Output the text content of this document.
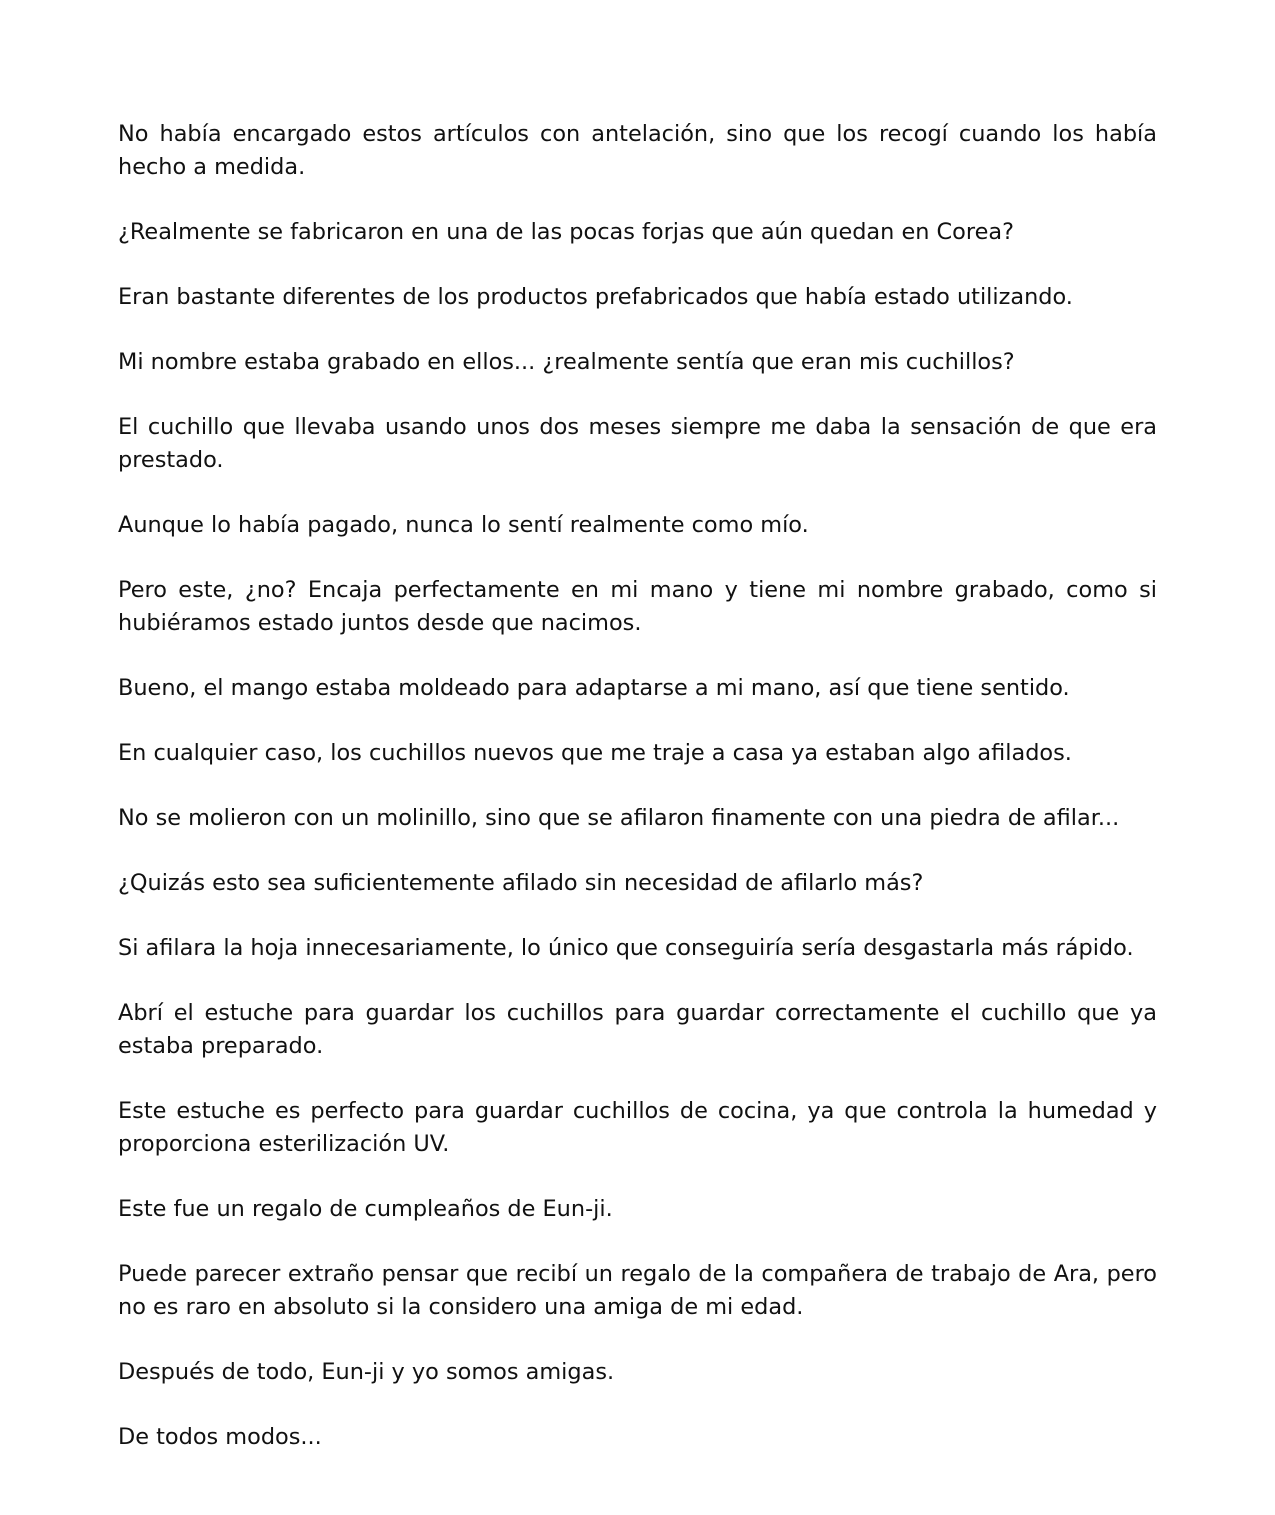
No había encargado estos artículos con antelación, sino que los recogí cuando los había hecho a medida.

¿Realmente se fabricaron en una de las pocas forjas que aún quedan en Corea?

Eran bastante diferentes de los productos prefabricados que había estado utilizando.

Mi nombre estaba grabado en ellos... ¿realmente sentía que eran mis cuchillos?

El cuchillo que llevaba usando unos dos meses siempre me daba la sensación de que era prestado.

Aunque lo había pagado, nunca lo sentí realmente como mío.

Pero este, ¿no? Encaja perfectamente en mi mano y tiene mi nombre grabado, como si hubiéramos estado juntos desde que nacimos.

Bueno, el mango estaba moldeado para adaptarse a mi mano, así que tiene sentido.

En cualquier caso, los cuchillos nuevos que me traje a casa ya estaban algo afilados.

No se molieron con un molinillo, sino que se afilaron finamente con una piedra de afilar...

¿Quizás esto sea suficientemente afilado sin necesidad de afilarlo más?

Si afilara la hoja innecesariamente, lo único que conseguiría sería desgastarla más rápido.

Abrí el estuche para guardar los cuchillos para guardar correctamente el cuchillo que ya estaba preparado.

Este estuche es perfecto para guardar cuchillos de cocina, ya que controla la humedad y proporciona esterilización UV.

Este fue un regalo de cumpleaños de Eun-ji.

Puede parecer extraño pensar que recibí un regalo de la compañera de trabajo de Ara, pero no es raro en absoluto si la considero una amiga de mi edad.

Después de todo, Eun-ji y yo somos amigas.

De todos modos...
